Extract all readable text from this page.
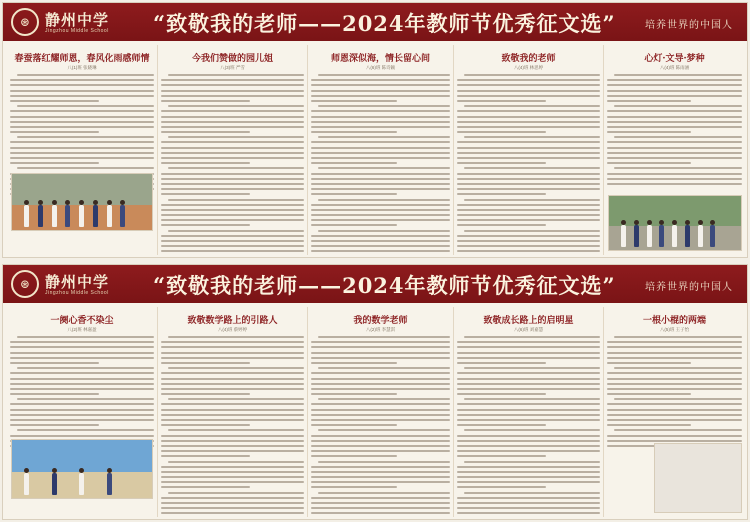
⊛ 静州中学
Jingzhou Middle School “致敬我的老师——2024年教师节优秀征文选”	培养世界的中国人
春蚕落红耀师恩，春风化雨感师情
八(1)班 张晓琳
今我们赞做的园儿姐
八(3)班 严雪
师恩深似海，情长留心间
八(6)班 陈诗颖
致敬我的老师
八(4)班 林思婷
心灯·文导·梦种
八(4)班 陈雨涵
⊛ 静州中学
Jingzhou Middle School “致敬我的老师——2024年教师节优秀征文选”	培养世界的中国人
一阕心香不染尘
八(2)班 林嘉盈
致敬数学路上的引路人
八(4)班 蔡婷婷
我的数学老师
八(2)班 李慧淇
致敬成长路上的启明星
八(6)班 刘嘉慧
一根小棍的两端
八(5)班 王子怡
